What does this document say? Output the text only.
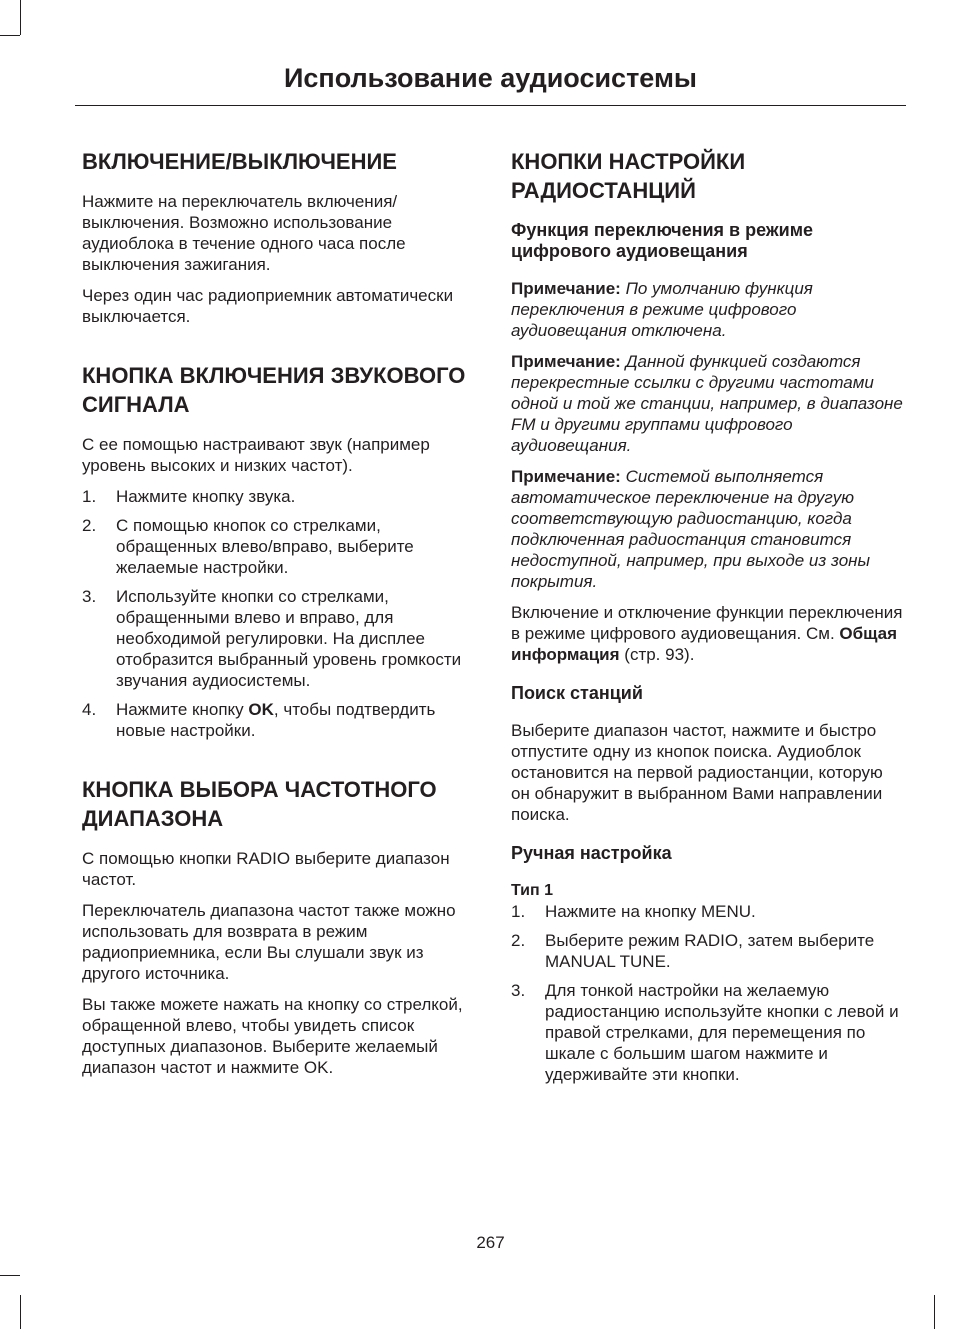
Использование аудиосистемы
ВКЛЮЧЕНИЕ/ВЫКЛЮЧЕНИЕ

Нажмите на переключатель включения/выключения. Возможно использование аудиоблока в течение одного часа после выключения зажигания.

Через один час радиоприемник автоматически выключается.

КНОПКА ВКЛЮЧЕНИЯ ЗВУКОВОГО СИГНАЛА

С ее помощью настраивают звук (например уровень высоких и низких частот).

1. Нажмите кнопку звука.
2. С помощью кнопок со стрелками, обращенных влево/вправо, выберите желаемые настройки.
3. Используйте кнопки со стрелками, обращенными влево и вправо, для необходимой регулировки. На дисплее отобразится выбранный уровень громкости звучания аудиосистемы.
4. Нажмите кнопку OK, чтобы подтвердить новые настройки.
КНОПКА ВЫБОРА ЧАСТОТНОГО ДИАПАЗОНА

С помощью кнопки RADIO выберите диапазон частот.

Переключатель диапазона частот также можно использовать для возврата в режим радиоприемника, если Вы слушали звук из другого источника.

Вы также можете нажать на кнопку со стрелкой, обращенной влево, чтобы увидеть список доступных диапазонов. Выберите желаемый диапазон частот и нажмите OK.

КНОПКИ НАСТРОЙКИ РАДИОСТАНЦИЙ
Функция переключения в режиме цифрового аудиовещания

Примечание: По умолчанию функция переключения в режиме цифрового аудиовещания отключена.

Примечание: Данной функцией создаются перекрестные ссылки с другими частотами одной и той же станции, например, в диапазоне FM и другими группами цифрового аудиовещания.

Примечание: Системой выполняется автоматическое переключение на другую соответствующую радиостанцию, когда подключенная радиостанция становится недоступной, например, при выходе из зоны покрытия.

Включение и отключение функции переключения в режиме цифрового аудиовещания. См. Общая информация (стр. 93).

Поиск станций

Выберите диапазон частот, нажмите и быстро отпустите одну из кнопок поиска. Аудиоблок остановится на первой радиостанции, которую он обнаружит в выбранном Вами направлении поиска.

Ручная настройка

Тип 1

1. Нажмите на кнопку MENU.
2. Выберите режим RADIO, затем выберите MANUAL TUNE.
3. Для тонкой настройки на желаемую радиостанцию используйте кнопки с левой и правой стрелками, для перемещения по шкале с большим шагом нажмите и удерживайте эти кнопки.
267
